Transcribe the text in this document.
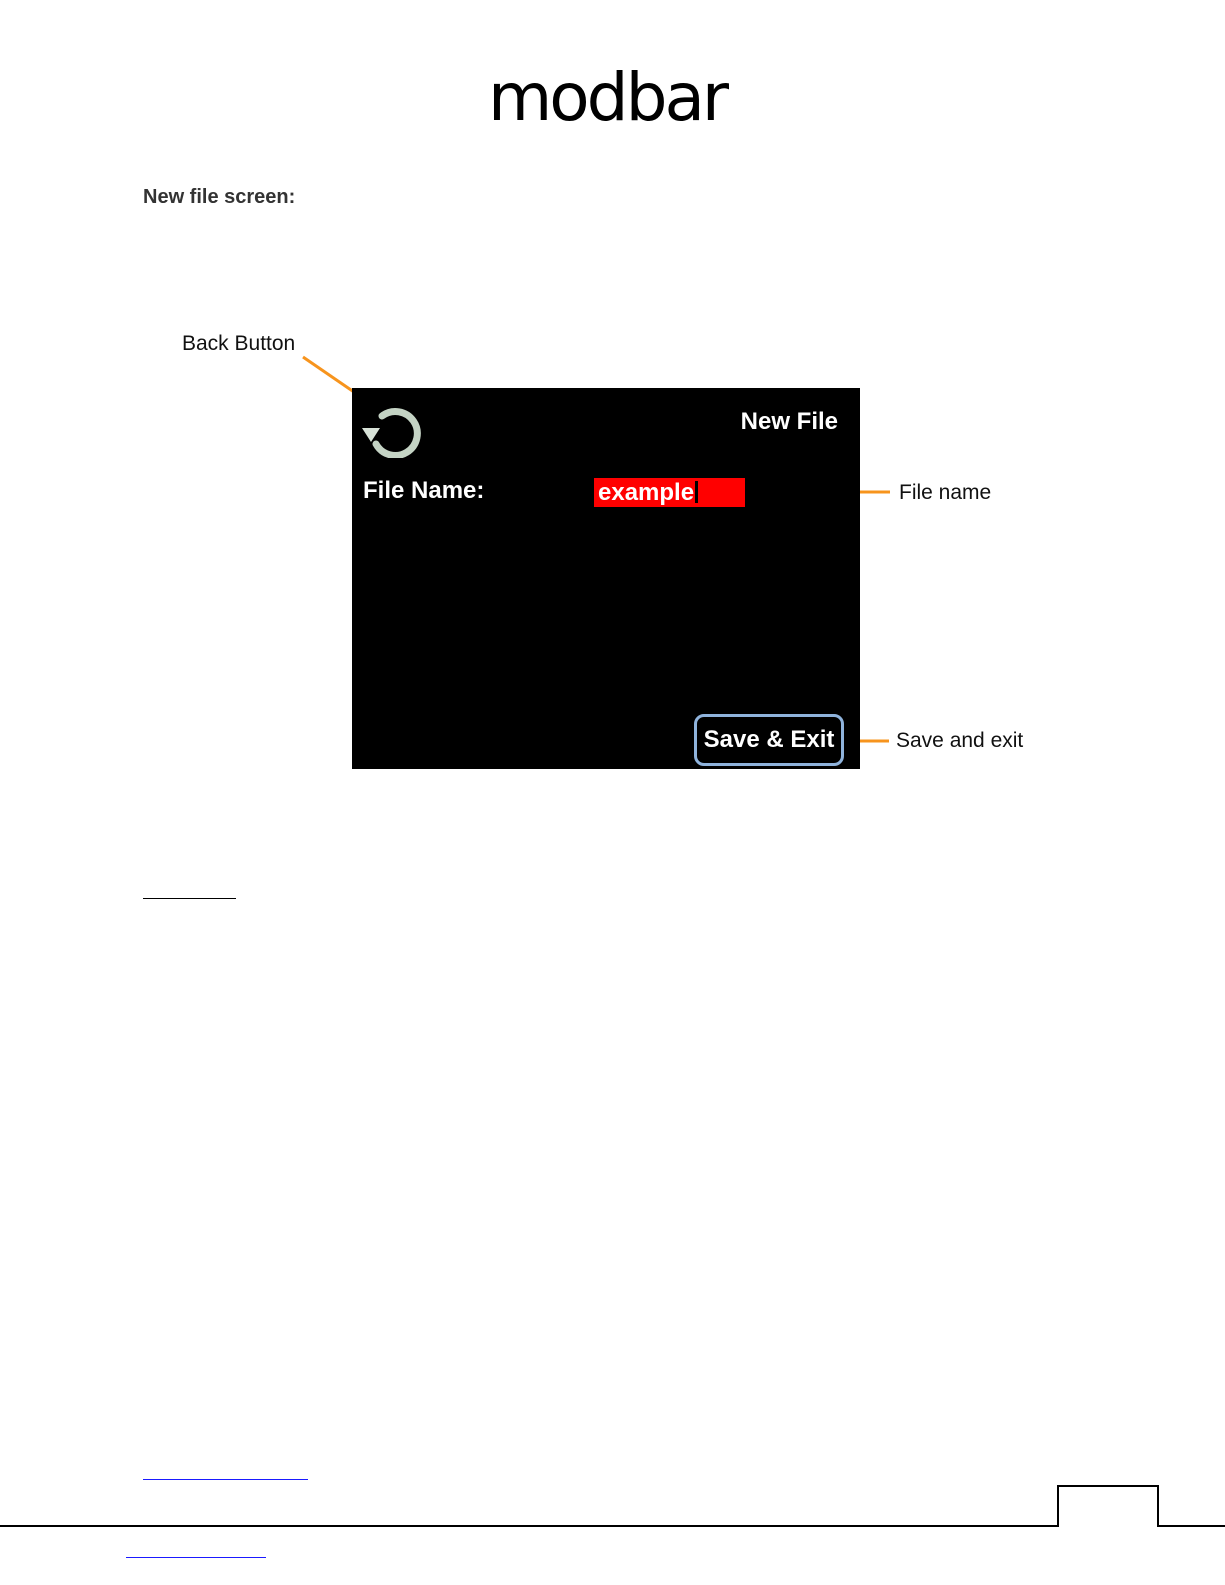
modbar
New file screen:
Back Button
File name
Save and exit
New File
File Name:	example
Save & Exit
